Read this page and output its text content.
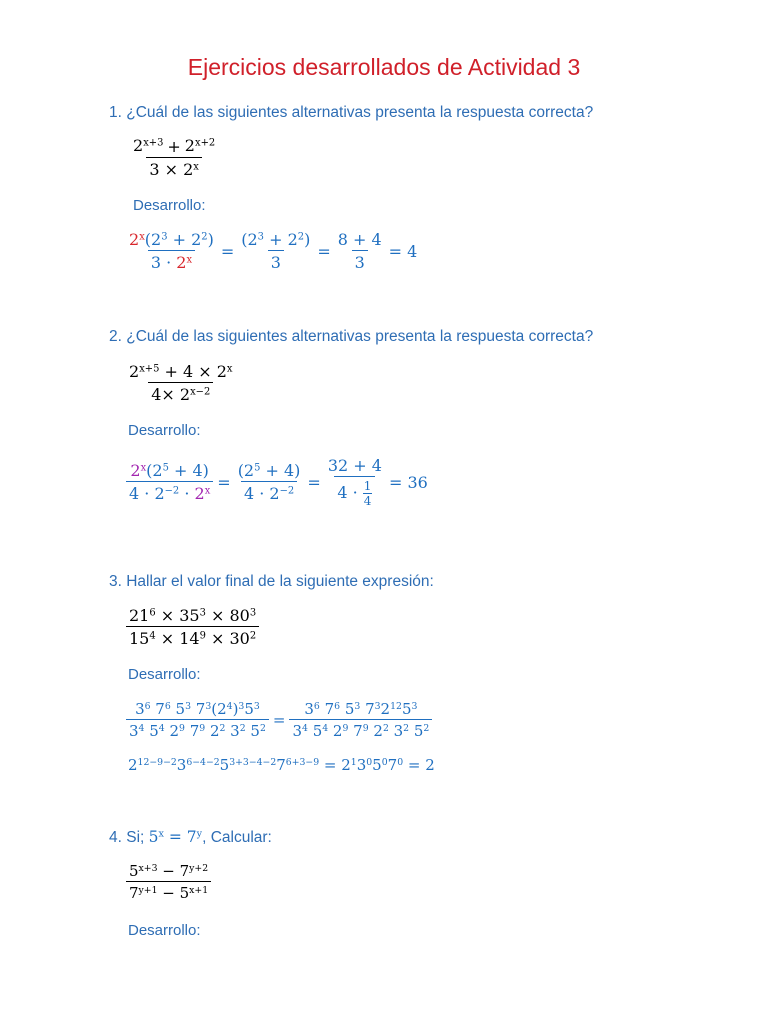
Ejercicios desarrollados de Actividad 3
1. ¿Cuál de las siguientes alternativas presenta la respuesta correcta?
$\frac{2^{x+3} + 2^{x+2}}{3 \times 2^x}$
Desarrollo:
$\frac{2^x(2^3 + 2^2)}{3 \cdot 2^x} = \frac{(2^3 + 2^2)}{3} = \frac{8 + 4}{3} = 4$
2. ¿Cuál de las siguientes alternativas presenta la respuesta correcta?
$\frac{2^{x+5} + 4 \times 2^x}{4\times 2^{x-2}}$
Desarrollo:
$\frac{2^x(2^5 + 4)}{4 \cdot 2^{-2} \cdot 2^x} = \frac{(2^5 + 4)}{4 \cdot 2^{-2}} = \frac{32 + 4}{4 \cdot \frac{1}{4}} = 36$
3. Hallar el valor final de la siguiente expresión:
$\frac{21^6 \times 35^3 \times 80^3}{15^4 \times 14^9 \times 30^2}$
Desarrollo:
$\frac{3^6 7^6 5^3 7^3(2^4)^35^3}{3^4 5^4 2^9 7^9 2^2 3^2 5^2} = \frac{3^6 7^6 5^3 7^32^{12}5^3}{3^4 5^4 2^9 7^9 2^2 3^2 5^2}$
$2^{12-9-2}3^{6-4-2}5^{3+3-4-2}7^{6+3-9} = 2^13^05^07^0 = 2$
4. Si; $5^x = 7^y$, Calcular:
$\frac{5^{x+3} - 7^{y+2}}{7^{y+1} - 5^{x+1}}$
Desarrollo:
